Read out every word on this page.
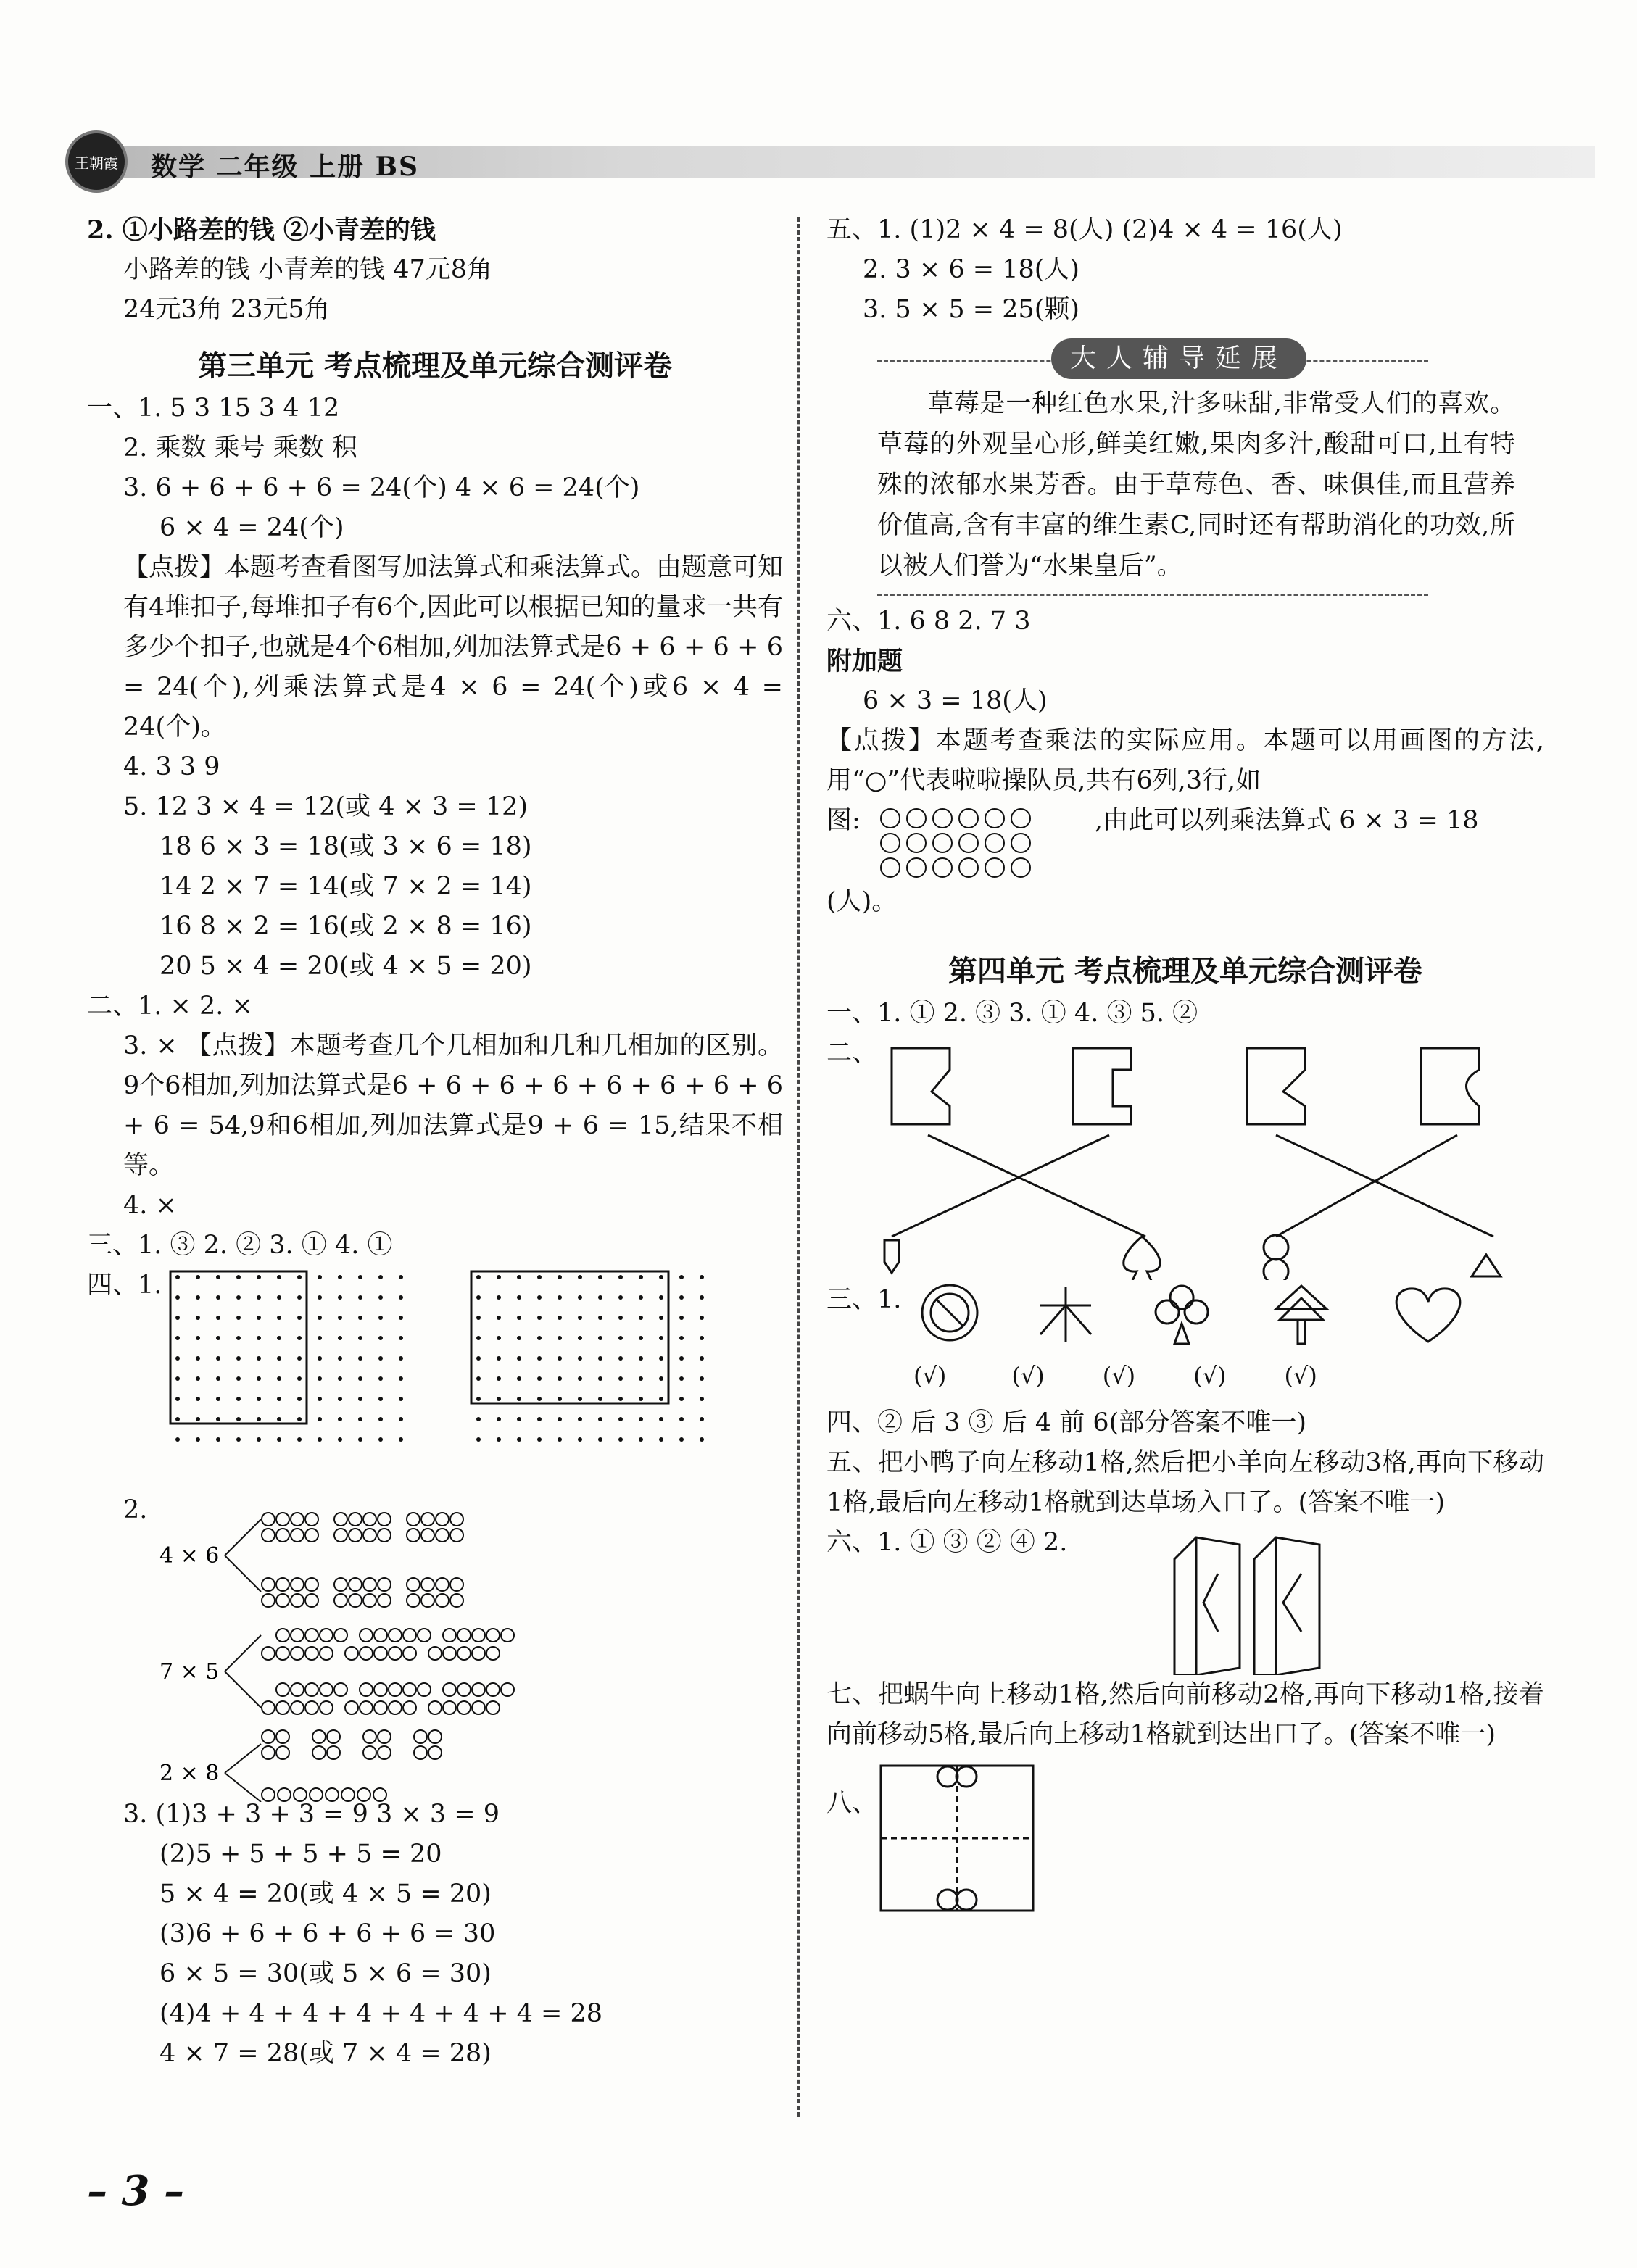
王朝霞 数学 二年级 上册 BS
2. ①小路差的钱 ②小青差的钱
小路差的钱 小青差的钱 47元8角
24元3角 23元5角
第三单元 考点梳理及单元综合测评卷
一、1. 5 3 15 3 4 12
2. 乘数 乘号 乘数 积
3. 6 + 6 + 6 + 6 = 24(个) 4 × 6 = 24(个)
6 × 4 = 24(个)
【点拨】本题考查看图写加法算式和乘法算式。由题意可知有4堆扣子,每堆扣子有6个,因此可以根据已知的量求一共有多少个扣子,也就是4个6相加,列加法算式是6 + 6 + 6 + 6 = 24(个),列乘法算式是4 × 6 = 24(个)或6 × 4 = 24(个)。
4. 3 3 9
5. 12 3 × 4 = 12(或 4 × 3 = 12)
18 6 × 3 = 18(或 3 × 6 = 18)
14 2 × 7 = 14(或 7 × 2 = 14)
16 8 × 2 = 16(或 2 × 8 = 16)
20 5 × 4 = 20(或 4 × 5 = 20)
二、1. × 2. ×
3. × 【点拨】本题考查几个几相加和几和几相加的区别。9个6相加,列加法算式是6 + 6 + 6 + 6 + 6 + 6 + 6 + 6 + 6 = 54,9和6相加,列加法算式是9 + 6 = 15,结果不相等。
4. ×
三、1. ③ 2. ② 3. ① 4. ①
四、1.
2.
4 × 6
7 × 5
2 × 8
3. (1)3 + 3 + 3 = 9 3 × 3 = 9
(2)5 + 5 + 5 + 5 = 20
5 × 4 = 20(或 4 × 5 = 20)
(3)6 + 6 + 6 + 6 + 6 = 30
6 × 5 = 30(或 5 × 6 = 30)
(4)4 + 4 + 4 + 4 + 4 + 4 + 4 = 28
4 × 7 = 28(或 7 × 4 = 28)
五、1. (1)2 × 4 = 8(人) (2)4 × 4 = 16(人)
2. 3 × 6 = 18(人)
3. 5 × 5 = 25(颗)
大人辅导延展
草莓是一种红色水果,汁多味甜,非常受人们的喜欢。草莓的外观呈心形,鲜美红嫩,果肉多汁,酸甜可口,且有特殊的浓郁水果芳香。由于草莓色、香、味俱佳,而且营养价值高,含有丰富的维生素C,同时还有帮助消化的功效,所以被人们誉为“水果皇后”。
六、1. 6 8 2. 7 3
附加题
6 × 3 = 18(人)
【点拨】本题考查乘法的实际应用。本题可以用画图的方法,用“○”代表啦啦操队员,共有6列,3行,如
图:	,由此可以列乘法算式 6 × 3 = 18
(人)。
第四单元 考点梳理及单元综合测评卷
一、1. ① 2. ③ 3. ① 4. ③ 5. ②
二、
三、1.
(√)	(√)	(√)	(√)	(√)
四、② 后 3 ③ 后 4 前 6(部分答案不唯一)
五、把小鸭子向左移动1格,然后把小羊向左移动3格,再向下移动1格,最后向左移动1格就到达草场入口了。(答案不唯一)
六、1. ① ③ ② ④ 2.
七、把蜗牛向上移动1格,然后向前移动2格,再向下移动1格,接着向前移动5格,最后向上移动1格就到达出口了。(答案不唯一)
八、
– 3 –
